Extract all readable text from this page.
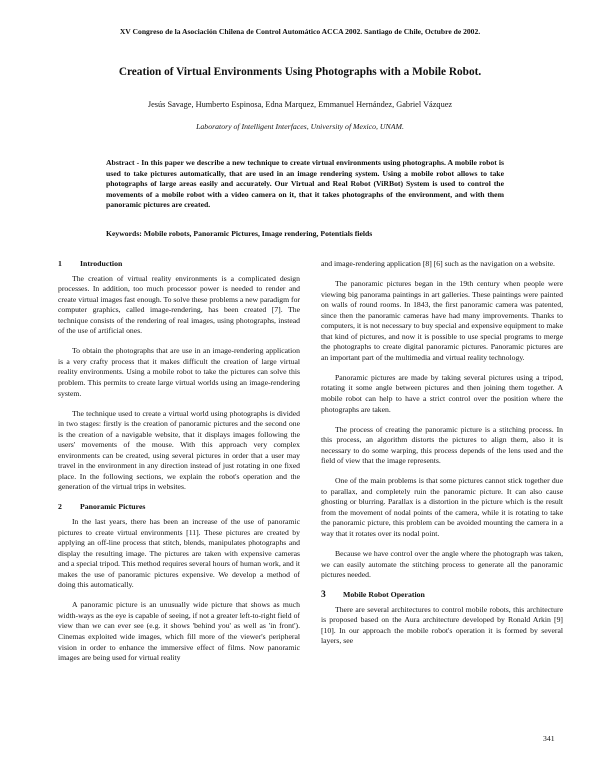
XV Congreso de la Asociación Chilena de Control Automático ACCA 2002. Santiago de Chile, Octubre de 2002.
Creation of Virtual Environments Using Photographs with a Mobile Robot.
Jesús Savage, Humberto Espinosa, Edna Marquez, Emmanuel Hernández, Gabriel Vázquez
Laboratory of Intelligent Interfaces, University of Mexico, UNAM.
Abstract - In this paper we describe a new technique to create virtual environments using photographs. A mobile robot is used to take pictures automatically, that are used in an image rendering system. Using a mobile robot allows to take photographs of large areas easily and accurately. Our Virtual and Real Robot (ViRBot) System is used to control the movements of a mobile robot with a video camera on it, that it takes photographs of the environment, and with them panoramic pictures are created.
Keywords: Mobile robots, Panoramic Pictures, Image rendering, Potentials fields
1	Introduction

The creation of virtual reality environments is a complicated design processes. In addition, too much processor power is needed to render and create virtual images fast enough. To solve these problems a new paradigm for computer graphics, called image-rendering, has been created [7]. The technique consists of the rendering of real images, using photographs, instead of the use of artificial ones.

To obtain the photographs that are use in an image-rendering application is a very crafty process that it makes difficult the creation of large virtual reality environments. Using a mobile robot to take the pictures can solve this problem. This permits to create large virtual worlds using an image-rendering system.

The technique used to create a virtual world using photographs is divided in two stages: firstly is the creation of panoramic pictures and the second one is the creation of a navigable website, that it displays images following the users' movements of the mouse. With this approach very complex environments can be created, using several pictures in order that a user may travel in the environment in any direction instead of just rotating in one fixed place. In the following sections, we explain the robot's operation and the generation of the virtual trips in websites.

2	Panoramic Pictures

In the last years, there has been an increase of the use of panoramic pictures to create virtual environments [11]. These pictures are created by applying an off-line process that stitch, blends, manipulates photographs and display the resulting image. The pictures are taken with expensive cameras and a special tripod. This method requires several hours of human work, and it makes the use of panoramic pictures expensive. We develop a method of doing this automatically.

A panoramic picture is an unusually wide picture that shows as much width-ways as the eye is capable of seeing, if not a greater left-to-right field of view than we can ever see (e.g. it shows 'behind you' as well as 'in front'). Cinemas exploited wide images, which fill more of the viewer's peripheral vision in order to enhance the immersive effect of films. Now panoramic images are being used for virtual reality

and image-rendering application [8] [6] such as the navigation on a website.

The panoramic pictures began in the 19th century when people were viewing big panorama paintings in art galleries. These paintings were painted on walls of round rooms. In 1843, the first panoramic camera was patented, since then the panoramic cameras have had many improvements. Thanks to computers, it is not necessary to buy special and expensive equipment to make that kind of pictures, and now it is possible to use special programs to merge the photographs to create digital panoramic pictures. Panoramic pictures are an important part of the multimedia and virtual reality technology.

Panoramic pictures are made by taking several pictures using a tripod, rotating it some angle between pictures and then joining them together. A mobile robot can help to have a strict control over the position where the photographs are taken.

The process of creating the panoramic picture is a stitching process. In this process, an algorithm distorts the pictures to align them, also it is necessary to do some warping, this process depends of the lens used and the field of view that the image represents.

One of the main problems is that some pictures cannot stick together due to parallax, and completely ruin the panoramic picture. It can also cause ghosting or blurring. Parallax is a distortion in the picture which is the result from the movement of nodal points of the camera, while it is rotating to take the panoramic picture, this problem can be avoided mounting the camera in a way that it rotates over its nodal point.

Because we have control over the angle where the photograph was taken, we can easily automate the stitching process to generate all the panoramic pictures needed.

3	Mobile Robot Operation

There are several architectures to control mobile robots, this architecture is proposed based on the Aura architecture developed by Ronald Arkin [9] [10]. In our approach the mobile robot's operation it is formed by several layers, see

341
